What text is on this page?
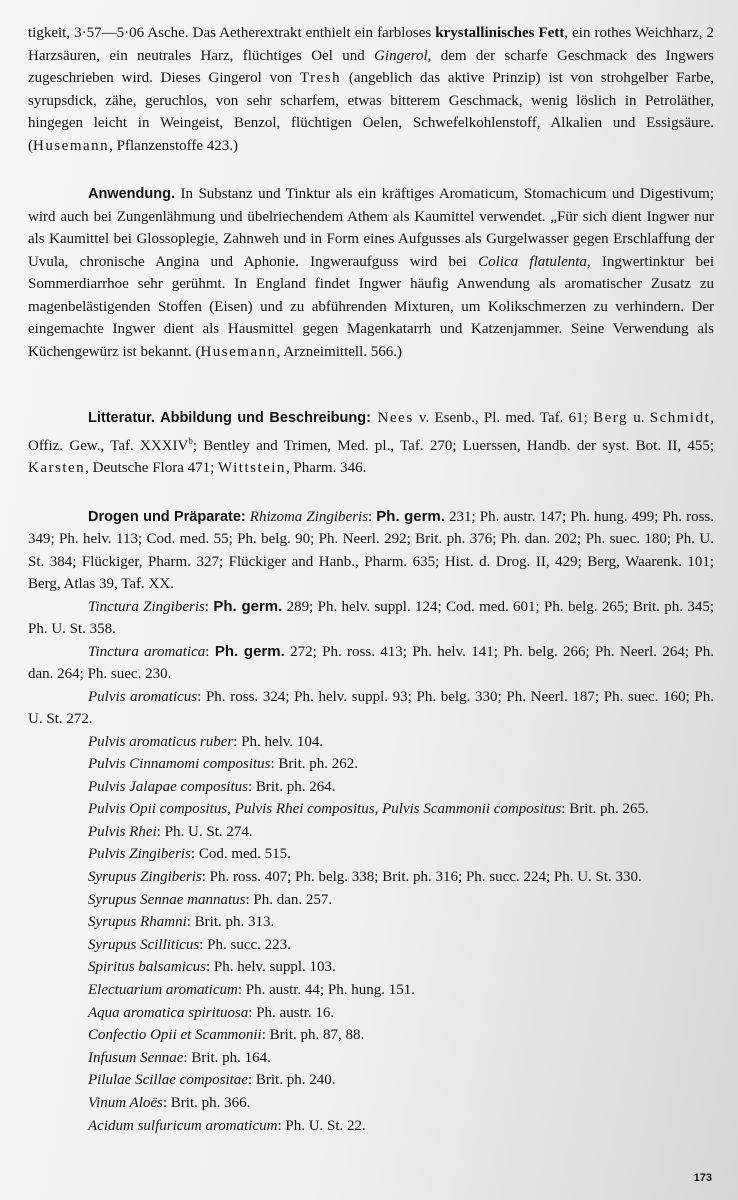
tigkeit, 3·57—5·06 Asche. Das Aetherextrakt enthielt ein farbloses krystallinisches Fett, ein rothes Weichharz, 2 Harzsäuren, ein neutrales Harz, flüchtiges Oel und Gingerol, dem der scharfe Geschmack des Ingwers zugeschrieben wird. Dieses Gingerol von Tresh (angeblich das aktive Prinzip) ist von strohgelber Farbe, syrupsdick, zähe, geruchlos, von sehr scharfem, etwas bitterem Geschmack, wenig löslich in Petroläther, hingegen leicht in Weingeist, Benzol, flüchtigen Oelen, Schwefelkohlenstoff, Alkalien und Essigsäure. (Husemann, Pflanzenstoffe 423.)

Anwendung. In Substanz und Tinktur als ein kräftiges Aromaticum, Stomachicum und Digestivum; wird auch bei Zungenlähmung und übelriechendem Athem als Kaumittel verwendet. „Für sich dient Ingwer nur als Kaumittel bei Glossoplegie, Zahnweh und in Form eines Aufgusses als Gurgelwasser gegen Erschlaffung der Uvula, chronische Angina und Aphonie. Ingweraufguss wird bei Colica flatulenta, Ingwertinktur bei Sommerdiarrhoe sehr gerühmt. In England findet Ingwer häufig Anwendung als aromatischer Zusatz zu magenbelästigenden Stoffen (Eisen) und zu abführenden Mixturen, um Kolikschmerzen zu verhindern. Der eingemachte Ingwer dient als Hausmittel gegen Magenkatarrh und Katzenjammer. Seine Verwendung als Küchengewürz ist bekannt. (Husemann, Arzneimittell. 566.)

Litteratur. Abbildung und Beschreibung: Nees v. Esenb., Pl. med. Taf. 61; Berg u. Schmidt, Offiz. Gew., Taf. XXXIV$^b$; Bentley and Trimen, Med. pl., Taf. 270; Luerssen, Handb. der syst. Bot. II, 455; Karsten, Deutsche Flora 471; Wittstein, Pharm. 346.

Drogen und Präparate: Rhizoma Zingiberis: Ph. germ. 231; Ph. austr. 147; Ph. hung. 499; Ph. ross. 349; Ph. helv. 113; Cod. med. 55; Ph. belg. 90; Ph. Neerl. 292; Brit. ph. 376; Ph. dan. 202; Ph. suec. 180; Ph. U. St. 384; Flückiger, Pharm. 327; Flückiger and Hanb., Pharm. 635; Hist. d. Drog. II, 429; Berg, Waarenk. 101; Berg, Atlas 39, Taf. XX.

Tinctura Zingiberis: Ph. germ. 289; Ph. helv. suppl. 124; Cod. med. 601; Ph. belg. 265; Brit. ph. 345; Ph. U. St. 358.

Tinctura aromatica: Ph. germ. 272; Ph. ross. 413; Ph. helv. 141; Ph. belg. 266; Ph. Neerl. 264; Ph. dan. 264; Ph. suec. 230.

Pulvis aromaticus: Ph. ross. 324; Ph. helv. suppl. 93; Ph. belg. 330; Ph. Neerl. 187; Ph. suec. 160; Ph. U. St. 272.

Pulvis aromaticus ruber: Ph. helv. 104.
Pulvis Cinnamomi compositus: Brit. ph. 262.
Pulvis Jalapae compositus: Brit. ph. 264.
Pulvis Opii compositus, Pulvis Rhei compositus, Pulvis Scammonii compositus: Brit. ph. 265.
Pulvis Rhei: Ph. U. St. 274.
Pulvis Zingiberis: Cod. med. 515.
Syrupus Zingiberis: Ph. ross. 407; Ph. belg. 338; Brit. ph. 316; Ph. succ. 224; Ph. U. St. 330.
Syrupus Sennae mannatus: Ph. dan. 257.
Syrupus Rhamni: Brit. ph. 313.
Syrupus Scilliticus: Ph. succ. 223.
Spiritus balsamicus: Ph. helv. suppl. 103.
Electuarium aromaticum: Ph. austr. 44; Ph. hung. 151.
Aqua aromatica spirituosa: Ph. austr. 16.
Confectio Opii et Scammonii: Brit. ph. 87, 88.
Infusum Sennae: Brit. ph. 164.
Pilulae Scillae compositae: Brit. ph. 240.
Vinum Aloës: Brit. ph. 366.
Acidum sulfuricum aromaticum: Ph. U. St. 22.
173
